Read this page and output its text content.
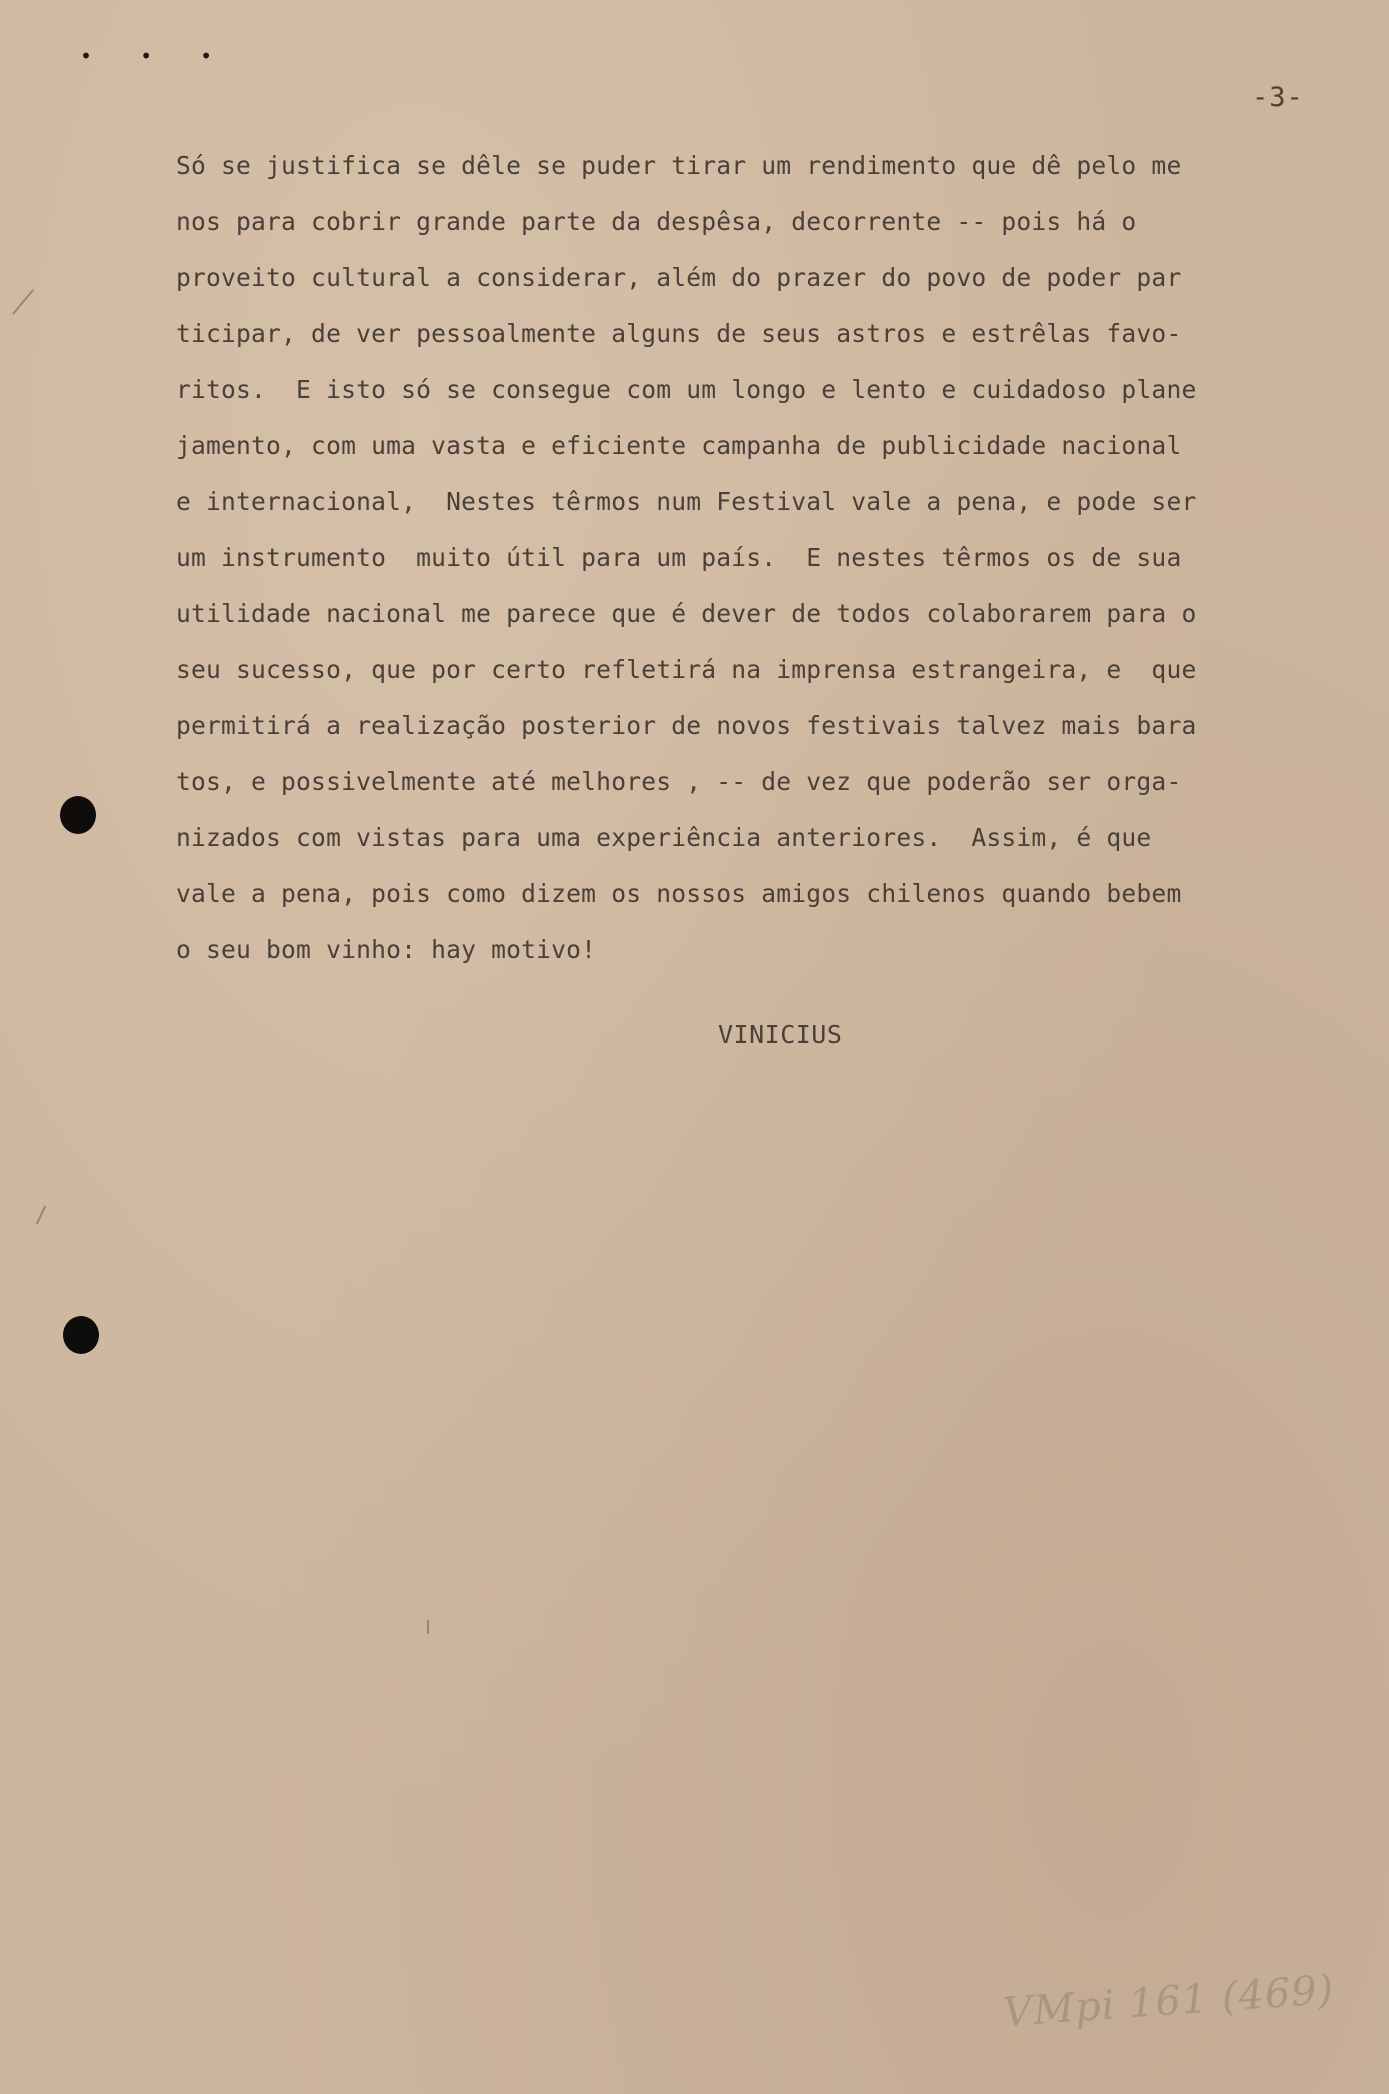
• • •
-3-
Só se justifica se dêle se puder tirar um rendimento que dê pelo me
nos para cobrir grande parte da despêsa, decorrente -- pois há o
proveito cultural a considerar, além do prazer do povo de poder par
ticipar, de ver pessoalmente alguns de seus astros e estrêlas favo-
ritos.  E isto só se consegue com um longo e lento e cuidadoso plane
jamento, com uma vasta e eficiente campanha de publicidade nacional
e internacional,  Nestes têrmos num Festival vale a pena, e pode ser
um instrumento  muito útil para um país.  E nestes têrmos os de sua
utilidade nacional me parece que é dever de todos colaborarem para o
seu sucesso, que por certo refletirá na imprensa estrangeira, e  que
permitirá a realização posterior de novos festivais talvez mais bara
tos, e possivelmente até melhores , -- de vez que poderão ser orga-
nizados com vistas para uma experiência anteriores.  Assim, é que
vale a pena, pois como dizem os nossos amigos chilenos quando bebem
o seu bom vinho: hay motivo!
VINICIUS
VMpi 161 (469)
